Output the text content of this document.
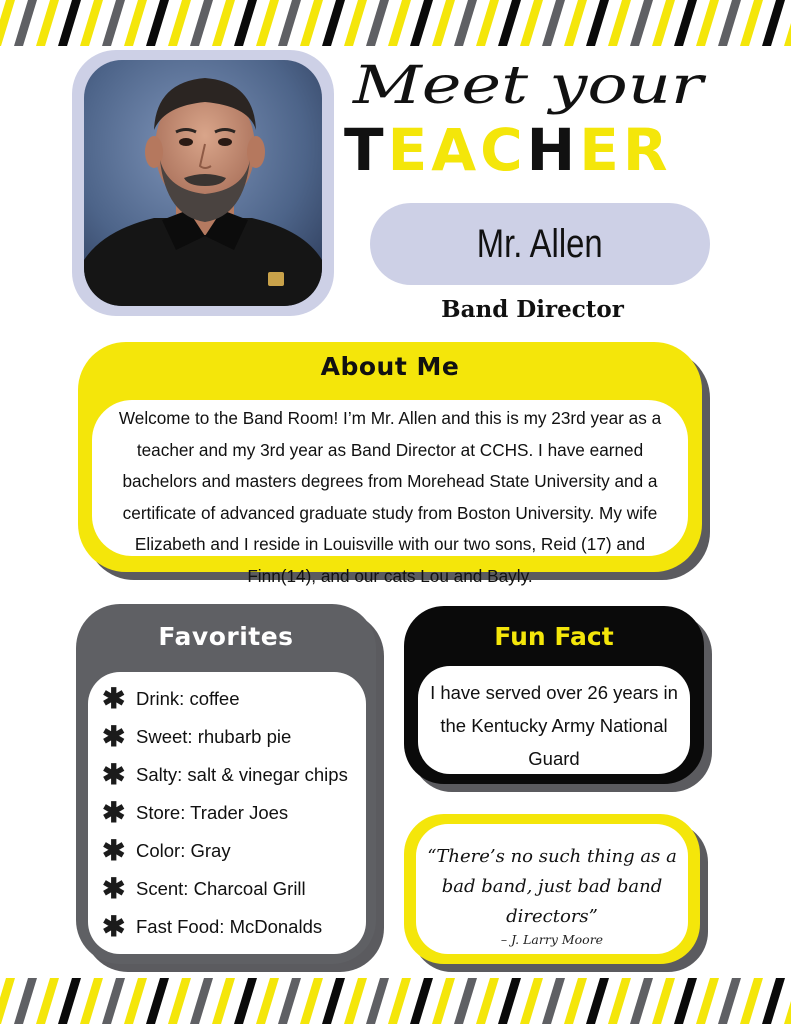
Meet your
TEACHER
Mr. Allen
Band Director
About Me
Welcome to the Band Room! I’m Mr. Allen and this is my 23rd year as a teacher and my 3rd year as Band Director at CCHS. I have earned bachelors and masters degrees from Morehead State University and a certificate of advanced graduate study from Boston University. My wife Elizabeth and I reside in Louisville with our two sons, Reid (17) and Finn(14), and our cats Lou and Bayly.
Favorites
✱ Drink: coffee
✱ Sweet: rhubarb pie
✱ Salty: salt & vinegar chips
✱ Store: Trader Joes
✱ Color: Gray
✱ Scent: Charcoal Grill
✱ Fast Food: McDonalds
Fun Fact
I have served over 26 years in the Kentucky Army National Guard
“There’s no such thing as a bad band, just bad band directors”
– J. Larry Moore
